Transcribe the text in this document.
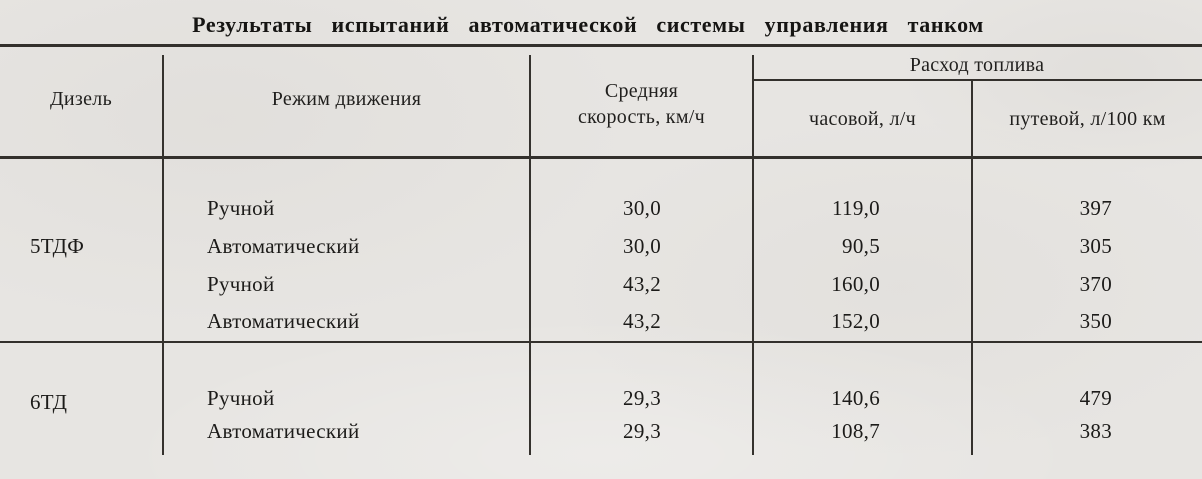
Результаты испытаний автоматической системы управления танком
Дизель	Режим движения	Средняя
скорость, км/ч
Расход топлива
часовой, л/ч	путевой, л/100 км
5ТДФ
Ручной	30,0	119,0	397
Автоматический	30,0	90,5	305
Ручной	43,2	160,0	370
Автоматический	43,2	152,0	350
6ТД	Ручной	29,3	140,6	479
Автоматический	29,3	108,7	383
